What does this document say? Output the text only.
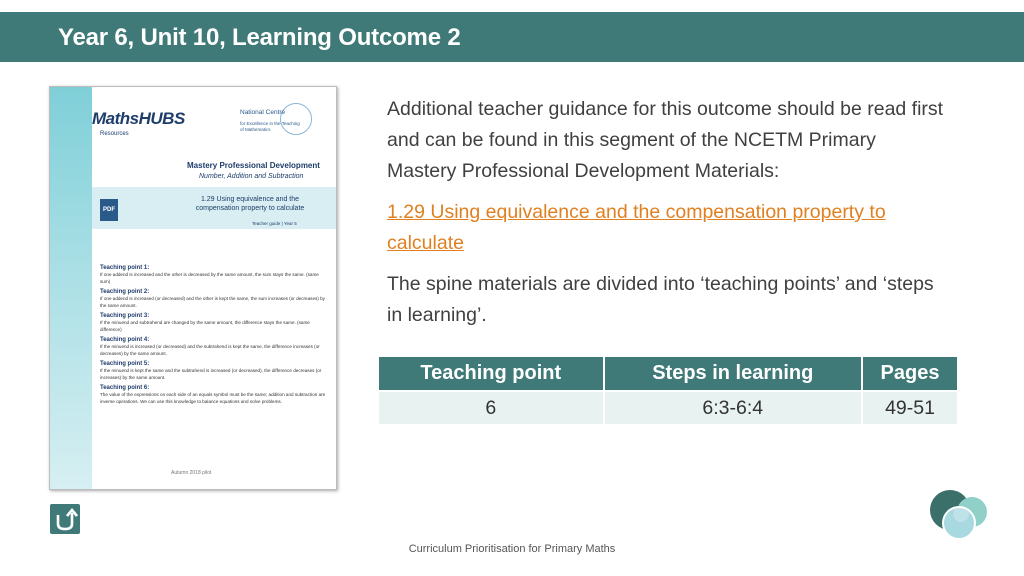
Year 6, Unit 10, Learning Outcome 2
MathsHUBS
Resources
National Centre
for Excellence in the Teaching of Mathematics
Mastery Professional Development
Number, Addition and Subtraction
PDF
1.29 Using equivalence and the compensation property to calculate
Teacher guide | Year 5
Teaching point 1:
If one addend is increased and the other is decreased by the same amount, the sum stays the same. (same sum)
Teaching point 2:
If one addend is increased (or decreased) and the other is kept the same, the sum increases (or decreases) by the same amount.
Teaching point 3:
If the minuend and subtrahend are changed by the same amount, the difference stays the same. (same difference)
Teaching point 4:
If the minuend is increased (or decreased) and the subtrahend is kept the same, the difference increases (or decreases) by the same amount.
Teaching point 5:
If the minuend is kept the same and the subtrahend is increased (or decreased), the difference decreases (or increases) by the same amount.
Teaching point 6:
The value of the expressions on each side of an equals symbol must be the same; addition and subtraction are inverse operations. We can use this knowledge to balance equations and solve problems.
Autumn 2018 pilot
Additional teacher guidance for this outcome should be read first and can be found in this segment of the NCETM Primary Mastery Professional Development Materials:
1.29 Using equivalence and the compensation property to calculate
The spine materials are divided into ‘teaching points’ and ‘steps in learning’.
Teaching point	Steps in learning	Pages
6	6:3-6:4	49-51
Curriculum Prioritisation for Primary Maths
